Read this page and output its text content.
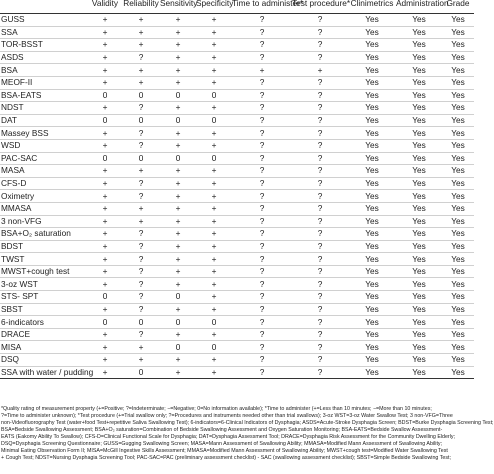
	Validity	Reliability	Sensitivity	Specificity	Time to administer*	Test procedure*	Clinimetrics	Administration	Grade
GUSS	+	+	+	+	?	?	Yes	Yes	Yes
SSA	+	+	+	+	?	?	Yes	Yes	Yes
TOR-BSST	+	+	+	+	?	?	Yes	Yes	Yes
ASDS	+	?	+	+	?	?	Yes	Yes	Yes
BSA	+	+	+	+	+	+	Yes	Yes	Yes
MEOF-II	+	+	+	+	?	?	Yes	Yes	Yes
BSA-EATS	0	0	0	0	?	?	Yes	Yes	Yes
NDST	+	?	+	+	?	?	Yes	Yes	Yes
DAT	0	0	0	0	?	?	Yes	Yes	Yes
Massey BSS	+	?	+	+	?	?	Yes	Yes	Yes
WSD	+	?	+	+	?	?	Yes	Yes	Yes
PAC-SAC	0	0	0	0	?	?	Yes	Yes	Yes
MASA	+	+	+	+	?	?	Yes	Yes	Yes
CFS-D	+	?	+	+	?	?	Yes	Yes	Yes
Oximetry	+	?	+	+	?	?	Yes	Yes	Yes
MMASA	+	+	+	+	?	?	Yes	Yes	Yes
3 non-VFG	+	+	+	+	?	?	Yes	Yes	Yes
BSA+O₂ saturation	+	?	+	+	?	?	Yes	Yes	Yes
BDST	+	?	+	+	?	?	Yes	Yes	Yes
TWST	+	?	+	+	?	?	Yes	Yes	Yes
MWST+cough test	+	?	+	+	?	?	Yes	Yes	Yes
3-oz WST	+	?	+	+	?	?	Yes	Yes	Yes
STS- SPT	0	?	0	+	?	?	Yes	Yes	Yes
SBST	+	?	+	+	?	?	Yes	Yes	Yes
6-indicators	0	0	0	0	?	?	Yes	Yes	Yes
DRACE	+	?	+	+	?	?	Yes	Yes	Yes
MISA	+	+	0	0	?	?	Yes	Yes	Yes
DSQ	+	+	+	+	?	?	Yes	Yes	Yes
SSA with water / pudding	+	0	+	+	?	?	Yes	Yes	Yes

*Quality rating of measurement property (+=Positive; ?=Indeterminate; −=Negative; 0=No information available); *Time to administer (+=Less than 10 minutes; −=More than 10 minutes;

?=Time to administer unknown); *Test procedure (+=Trial swallow only; ?=Procedures and instruments needed other than trial swallows); 3-oz WST=3-oz Water Swallow Test; 3 non-VFG=Three

non-Videofluorography Test (water+food Test+repetitive Saliva Swallowing Test); 6-indicators=6-Clinical Indicators of Dysphagia; ASDS=Acute-Stroke Dysphagia Screen; BDST=Burke Dysphagia Screening Test;

BSA=Bedside Swallowing Assessment; BSA+O₂ saturation=Combination of Bedside Swallowing Assessment and Oxygen Saturation Monitoring; BSA-EATS=Bedside Swallow Assessment-

EATS (Eakomy Ability To Swallow); CFS-D=Clinical Functional Scale for Dysphagia; DAT=Dysphagia Assessment Tool; DRACE=Dysphagia Risk Assessment for the Community Dwelling Elderly;

DSQ=Dysphagia Screening Questionnaire; GUSS=Gugging Swallowing Screen; MASA=Mann Assessment of Swallowing Ability; MMASA=Modified Mann Assessment of Swallowing Ability;

Minimal Eating Observation Form II; MISA=McGill Ingestive Skills Assessment; MMASA=Modified Mann Assessment of Swallowing Ability; MWST+cough test=Modified Water Swallowing Test

+ Cough Test; NDST=Nursing Dysphagia Screening Tool; PAC-SAC=PAC (preliminary assessment checklist) - SAC (swallowing assessment checklist); SBST=Simple Bedside Swallowing Test;
